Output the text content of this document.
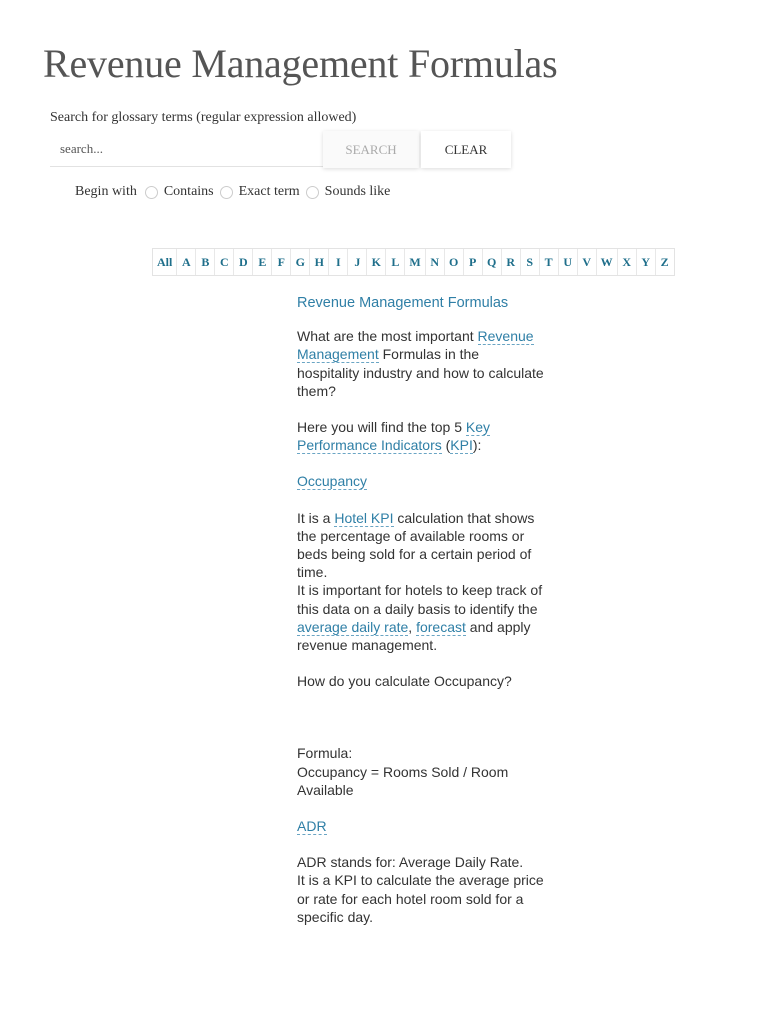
Revenue Management Formulas
Search for glossary terms (regular expression allowed)
search...
SEARCH	CLEAR
Begin with Contains Exact term Sounds like
All A B C D E F G H I	J K L M N O P Q R S T U V W X Y Z

Revenue Management Formulas

What are the most important Revenue Management Formulas in the hospitality industry and how to calculate them?

Here you will find the top 5 Key Performance Indicators (KPI):

Occupancy

It is a Hotel KPI calculation that shows the percentage of available rooms or beds being sold for a certain period of time.
It is important for hotels to keep track of this data on a daily basis to identify the average daily rate, forecast and apply revenue management.

How do you calculate Occupancy?

Formula:
Occupancy = Rooms Sold / Room Available

ADR

ADR stands for: Average Daily Rate.
It is a KPI to calculate the average price or rate for each hotel room sold for a specific day.
